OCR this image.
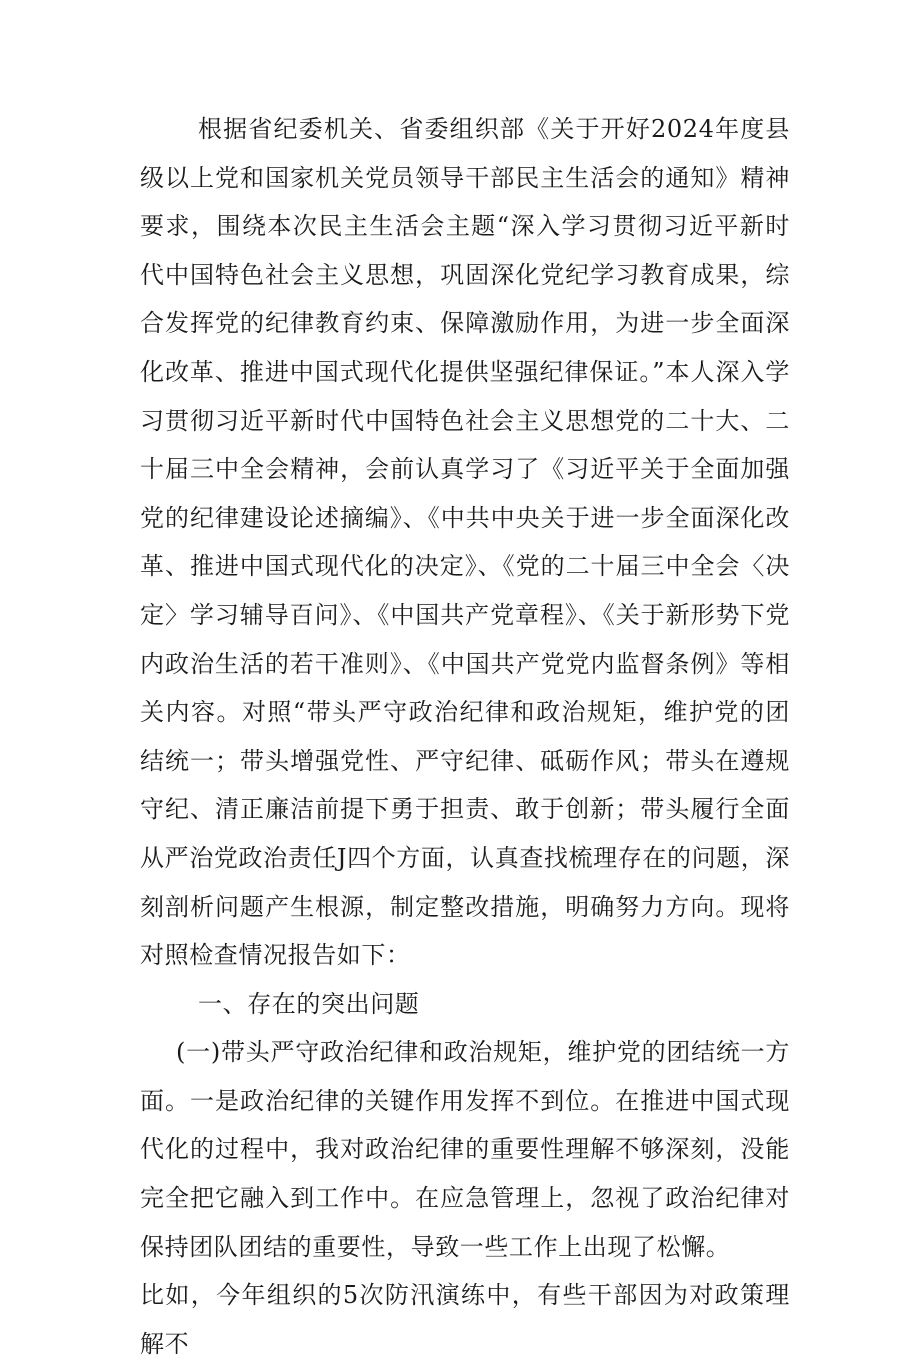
根据省纪委机关、省委组织部《关于开好2024年度县级以上党和国家机关党员领导干部民主生活会的通知》精神要求，围绕本次民主生活会主题“深入学习贯彻习近平新时代中国特色社会主义思想，巩固深化党纪学习教育成果，综合发挥党的纪律教育约束、保障激励作用，为进一步全面深化改革、推进中国式现代化提供坚强纪律保证。”本人深入学习贯彻习近平新时代中国特色社会主义思想党的二十大、二十届三中全会精神，会前认真学习了《习近平关于全面加强党的纪律建设论述摘编》、《中共中央关于进一步全面深化改革、推进中国式现代化的决定》、《党的二十届三中全会〈决定〉学习辅导百问》、《中国共产党章程》、《关于新形势下党内政治生活的若干准则》、《中国共产党党内监督条例》等相关内容。对照“带头严守政治纪律和政治规矩，维护党的团结统一；带头增强党性、严守纪律、砥砺作风；带头在遵规守纪、清正廉洁前提下勇于担责、敢于创新；带头履行全面从严治党政治责任J四个方面，认真查找梳理存在的问题，深刻剖析问题产生根源，制定整改措施，明确努力方向。现将对照检查情况报告如下：

一、存在的突出问题

(一)带头严守政治纪律和政治规矩，维护党的团结统一方面。一是政治纪律的关键作用发挥不到位。在推进中国式现代化的过程中，我对政治纪律的重要性理解不够深刻，没能完全把它融入到工作中。在应急管理上，忽视了政治纪律对保持团队团结的重要性，导致一些工作上出现了松懈。

比如，今年组织的5次防汛演练中，有些干部因为对政策理解不
